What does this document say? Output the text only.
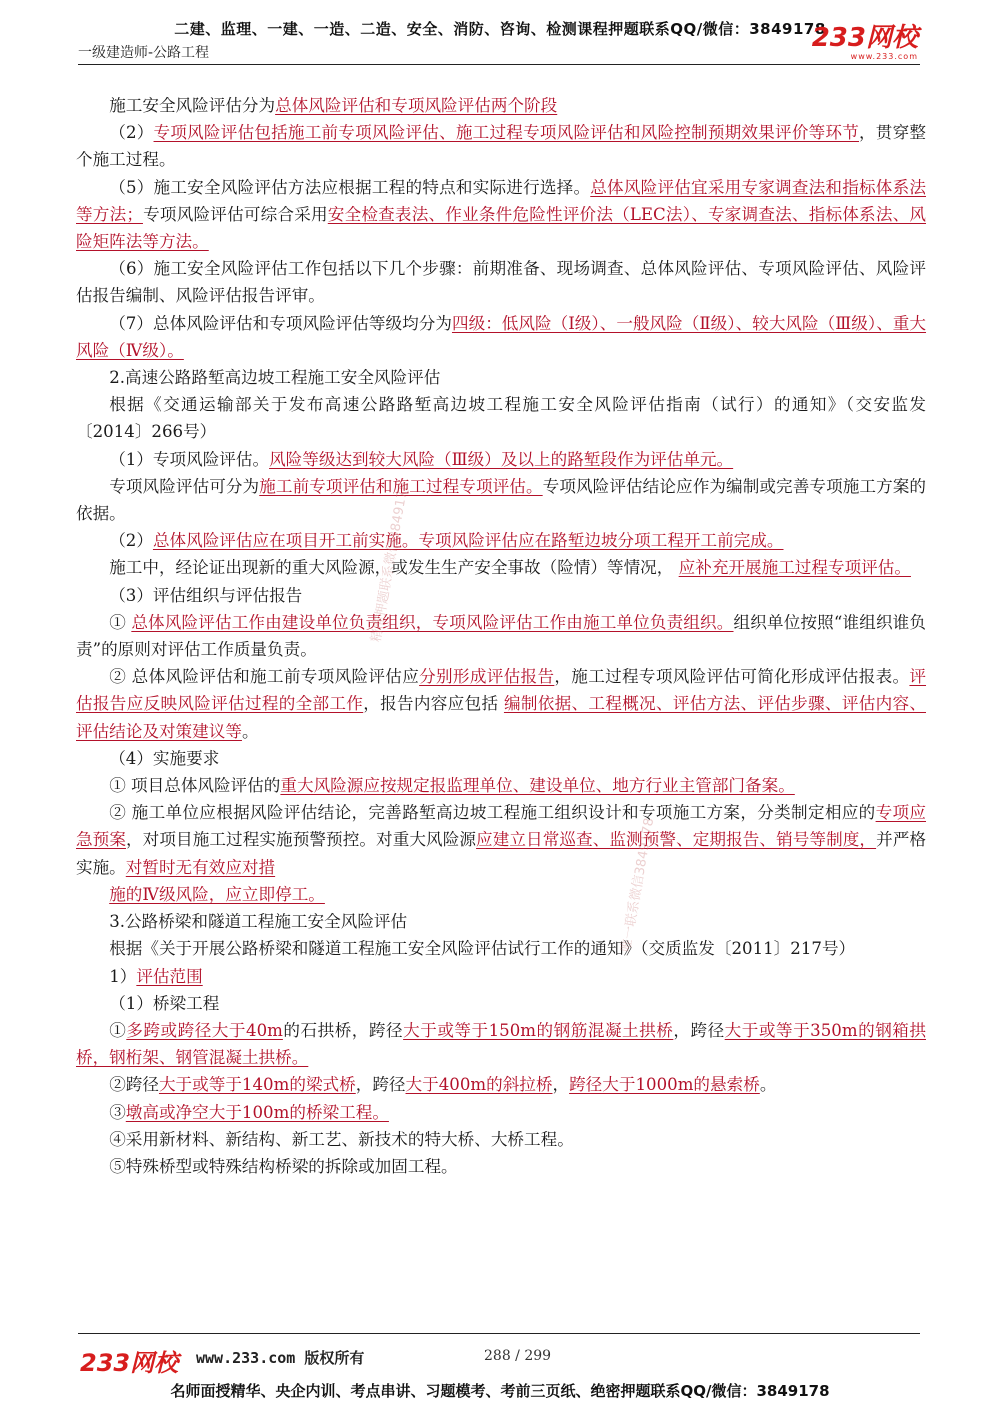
二建、监理、一建、一造、二造、安全、消防、咨询、检测课程押题联系QQ/微信：3849178
一级建造师-公路工程	233网校
www.233.com

施工安全风险评估分为总体风险评估和专项风险评估两个阶段

（2）专项风险评估包括施工前专项风险评估、施工过程专项风险评估和风险控制预期效果评价等环节，贯穿整个施工过程。

（5）施工安全风险评估方法应根据工程的特点和实际进行选择。总体风险评估宜采用专家调查法和指标体系法等方法；专项风险评估可综合采用安全检查表法、作业条件危险性评价法（LEC法）、专家调查法、指标体系法、风险矩阵法等方法。

（6）施工安全风险评估工作包括以下几个步骤：前期准备、现场调查、总体风险评估、专项风险评估、风险评估报告编制、风险评估报告评审。

（7）总体风险评估和专项风险评估等级均分为四级：低风险（Ⅰ级）、一般风险（Ⅱ级）、较大风险（Ⅲ级）、重大风险（Ⅳ级）。

2.高速公路路堑高边坡工程施工安全风险评估

根据《交通运输部关于发布高速公路路堑高边坡工程施工安全风险评估指南（试行）的通知》（交安监发〔2014〕266号）

（1）专项风险评估。风险等级达到较大风险（Ⅲ级）及以上的路堑段作为评估单元。

专项风险评估可分为施工前专项评估和施工过程专项评估。专项风险评估结论应作为编制或完善专项施工方案的依据。

（2）总体风险评估应在项目开工前实施。专项风险评估应在路堑边坡分项工程开工前完成。

施工中，经论证出现新的重大风险源，或发生生产安全事故（险情）等情况， 应补充开展施工过程专项评估。

（3）评估组织与评估报告

① 总体风险评估工作由建设单位负责组织，专项风险评估工作由施工单位负责组织。组织单位按照“谁组织谁负责”的原则对评估工作质量负责。

② 总体风险评估和施工前专项风险评估应分别形成评估报告，施工过程专项风险评估可简化形成评估报表。评估报告应反映风险评估过程的全部工作，报告内容应包括 编制依据、工程概况、评估方法、评估步骤、评估内容、评估结论及对策建议等。

（4）实施要求

① 项目总体风险评估的重大风险源应按规定报监理单位、建设单位、地方行业主管部门备案。

② 施工单位应根据风险评估结论，完善路堑高边坡工程施工组织设计和专项施工方案，分类制定相应的专项应急预案，对项目施工过程实施预警预控。对重大风险源应建立日常巡查、监测预警、定期报告、销号等制度，并严格实施。对暂时无有效应对措

施的Ⅳ级风险，应立即停工。

3.公路桥梁和隧道工程施工安全风险评估

根据《关于开展公路桥梁和隧道工程施工安全风险评估试行工作的通知》（交质监发〔2011〕217号）

1）评估范围

（1）桥梁工程

①多跨或跨径大于40m的石拱桥，跨径大于或等于150m的钢筋混凝土拱桥，跨径大于或等于350m的钢箱拱桥，钢桁架、钢管混凝土拱桥。

②跨径大于或等于140m的梁式桥，跨径大于400m的斜拉桥，跨径大于1000m的悬索桥。

③墩高或净空大于100m的桥梁工程。

④采用新材料、新结构、新工艺、新技术的特大桥、大桥工程。

⑤特殊桥型或特殊结构桥梁的拆除或加固工程。

精准押题联系微信3849178
唯一联系微信3849178
233网校 www.233.com 版权所有	288 / 299
名师面授精华、央企内训、考点串讲、习题模考、考前三页纸、绝密押题联系QQ/微信：3849178
